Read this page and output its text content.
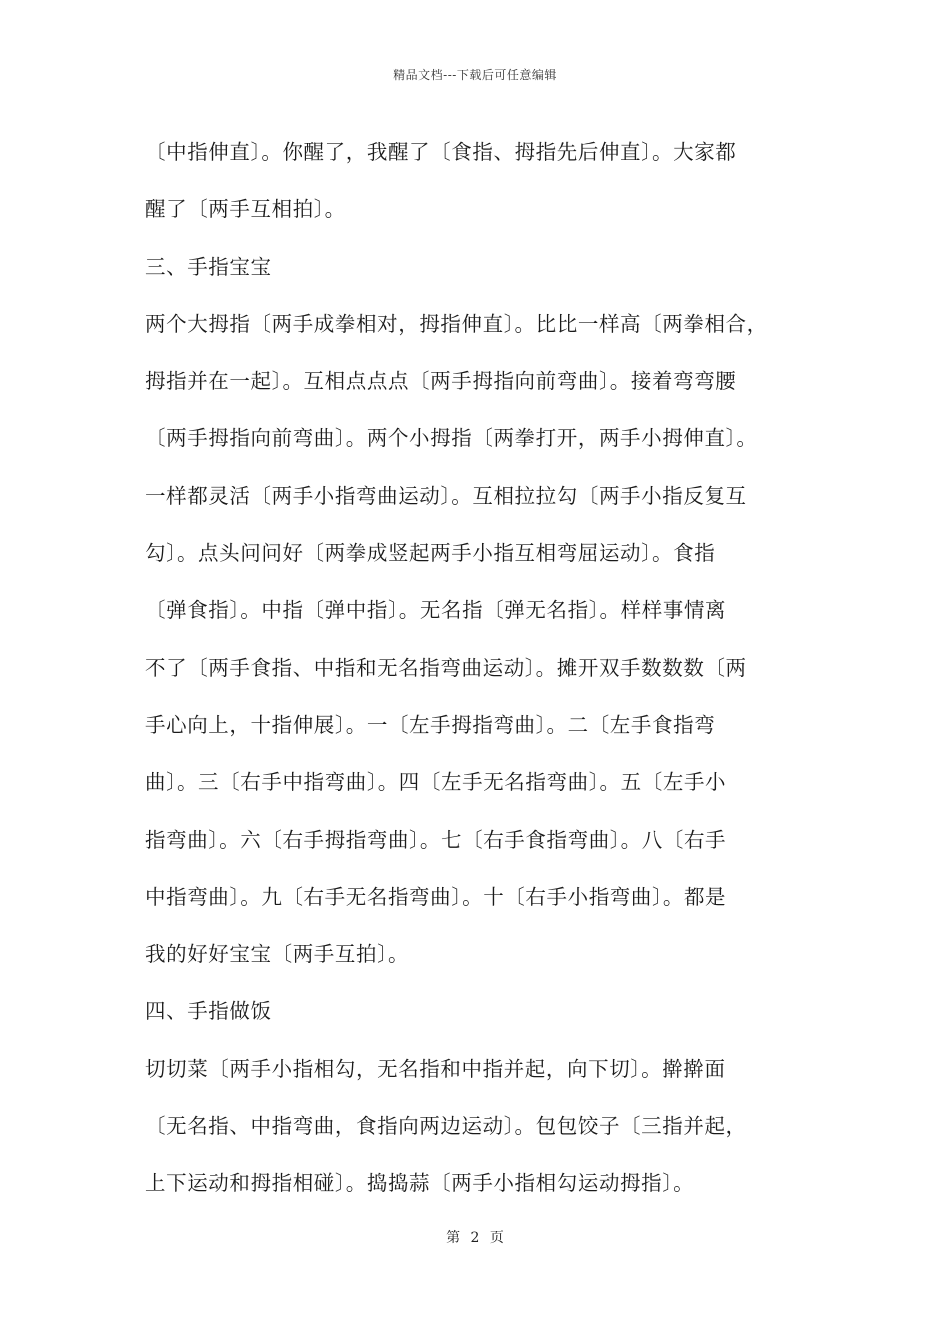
精品文档---下载后可任意编辑
〔中指伸直〕。你醒了，我醒了〔食指、拇指先后伸直〕。大家都
醒了〔两手互相拍〕。
三、手指宝宝
两个大拇指〔两手成拳相对，拇指伸直〕。比比一样高〔两拳相合，
拇指并在一起〕。互相点点点〔两手拇指向前弯曲〕。接着弯弯腰
〔两手拇指向前弯曲〕。两个小拇指〔两拳打开，两手小拇伸直〕。
一样都灵活〔两手小指弯曲运动〕。互相拉拉勾〔两手小指反复互
勾〕。点头问问好〔两拳成竖起两手小指互相弯屈运动〕。食指
〔弹食指〕。中指〔弹中指〕。无名指〔弹无名指〕。样样事情离
不了〔两手食指、中指和无名指弯曲运动〕。摊开双手数数数〔两
手心向上，十指伸展〕。一〔左手拇指弯曲〕。二〔左手食指弯
曲〕。三〔右手中指弯曲〕。四〔左手无名指弯曲〕。五〔左手小
指弯曲〕。六〔右手拇指弯曲〕。七〔右手食指弯曲〕。八〔右手
中指弯曲〕。九〔右手无名指弯曲〕。十〔右手小指弯曲〕。都是
我的好好宝宝〔两手互拍〕。
四、手指做饭
切切菜〔两手小指相勾，无名指和中指并起，向下切〕。擀擀面
〔无名指、中指弯曲，食指向两边运动〕。包包饺子〔三指并起，
上下运动和拇指相碰〕。捣捣蒜〔两手小指相勾运动拇指〕。
第 2 页
